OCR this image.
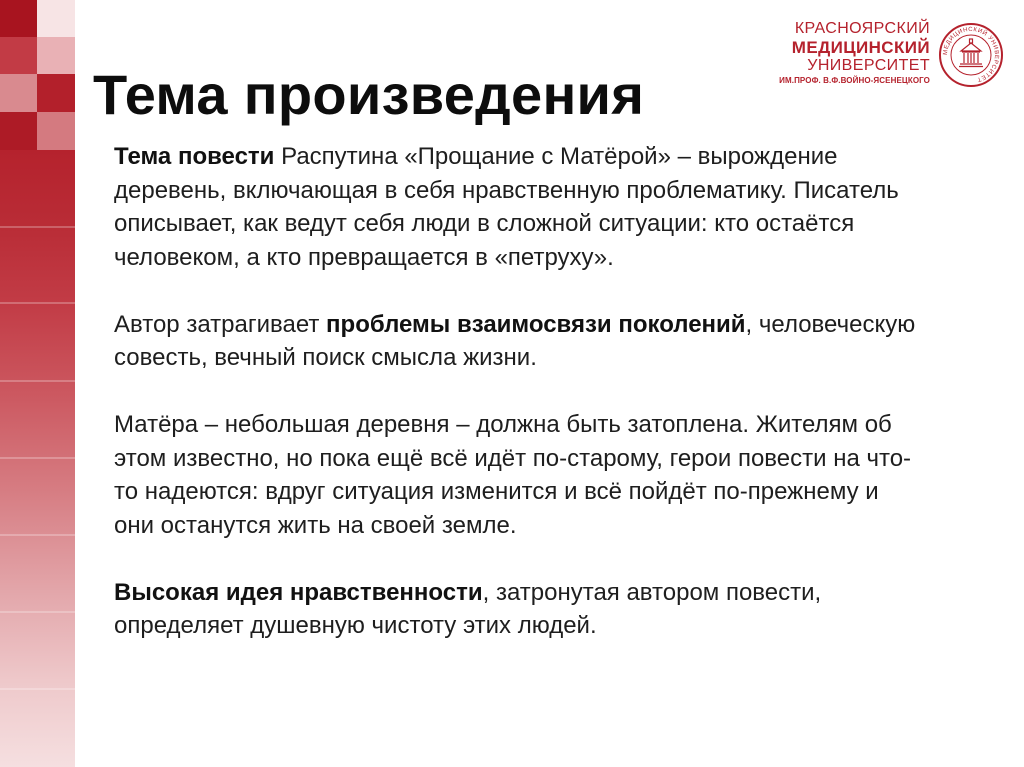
Тема произведения
КРАСНОЯРСКИЙ
МЕДИЦИНСКИЙ
УНИВЕРСИТЕТ
ИМ.ПРОФ. В.Ф.ВОЙНО-ЯСЕНЕЦКОГО
МЕДИЦИНСКИЙ УНИВЕРСИТЕТ

Тема повести Распутина «Прощание с Матёрой» – вырождение деревень, включающая в себя нравственную проблематику. Писатель описывает, как ведут себя люди в сложной ситуации: кто остаётся человеком, а кто превращается в «петруху».

Автор затрагивает проблемы взаимосвязи поколений, человеческую совесть, вечный поиск смысла жизни.

Матёра – небольшая деревня – должна быть затоплена. Жителям об этом известно, но пока ещё всё идёт по-старому, герои повести на что-то надеются: вдруг ситуация изменится и всё пойдёт по-прежнему и они останутся жить на своей земле.

Высокая идея нравственности, затронутая автором повести, определяет душевную чистоту этих людей.
